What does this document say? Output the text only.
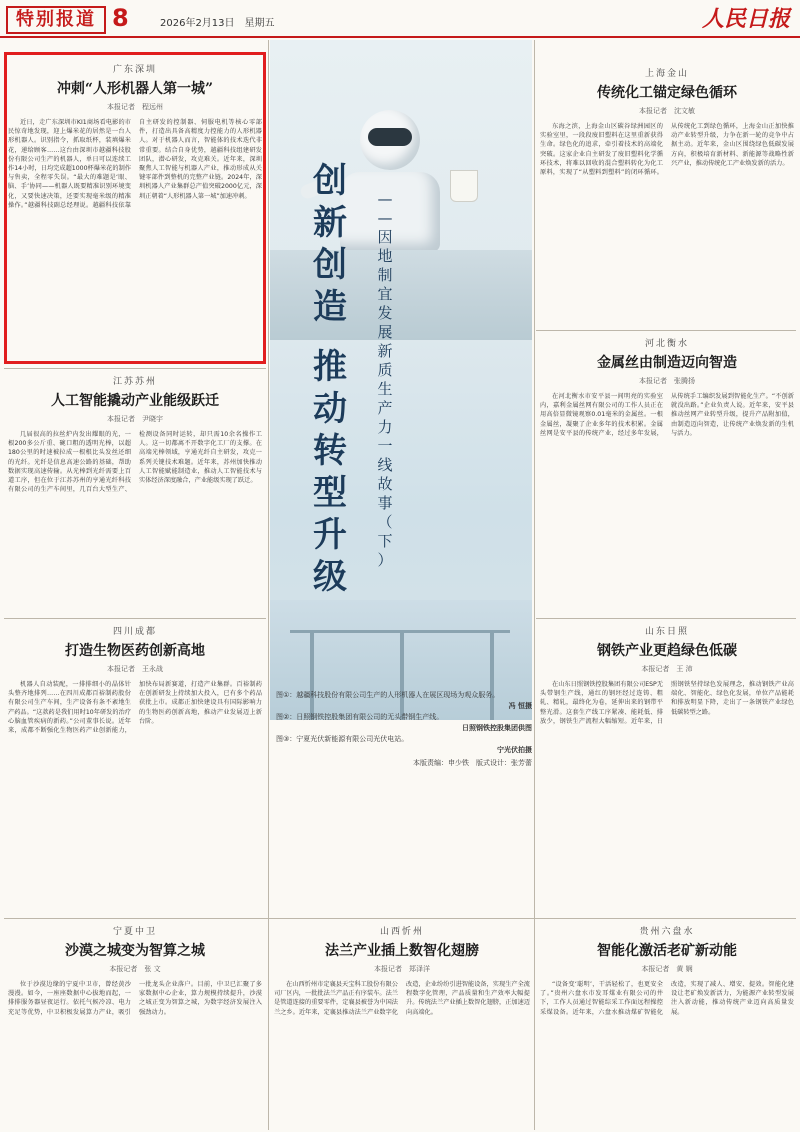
特别报道 8	2026年2月13日　星期五	人民日报
创
新
创
造
推
动
转
型
升
级
—
—
因
地
制
宜
发
展
新
质
生
产
力
一
线
故
事
（
下
）
图①：越疆科技股份有限公司生产的人形机器人在展区现场为观众服务。
冯 恒摄
图②：日照钢铁控股集团有限公司的无头带钢生产线。
日照钢铁控股集团供图
图③：宁夏光伏新能源有限公司光伏电站。
宁光伏拍摄
本版责编：申少铁　版式设计：张芳蕾
广东深圳
冲刺“人形机器人第一城”
本报记者　程远州
近日，走广东深圳市KI1商场看电影的市民惊奇地发现，迎上爆米花的居然是一台人形机器人。识别指令，抓取纸杯，装填爆米花，递给顾客……这台由深圳市越疆科技股份有限公司生产的机器人，单日可以连续工作14小时，日均完成超1000杯爆米花的制作与售卖，全程零失误。“最大的难题是‘眼、脑、手’协同——机器人既要精准识别环境变化，又要快速决策，还要实现毫米级的精准操作。”越疆科技副总经理说。越疆科技依靠自主研发的控制器、伺服电机等核心零部件，打造出具备高精度力控能力的人形机器人。对于机器人而言，智能体的技术迭代非常重要。结合自身优势，越疆科技组建研发团队，潜心研发，攻克难关。近年来，深圳聚焦人工智能与机器人产业，推动形成从关键零部件到整机的完整产业链。2024年，深圳机器人产业集群总产值突破2000亿元，深圳正朝着“人形机器人第一城”加速冲刺。
上海金山
传统化工锚定绿色循环
本报记者　沈文敏
东海之滨，上海金山区碳谷绿洲园区的实验室里，一段段废旧塑料在这里重新获得生命。绿色化的追求，牵引着技术的高端化突破。这家企业自主研发了废旧塑料化学循环技术，将难以回收的混合塑料转化为化工原料，实现了“从塑料到塑料”的闭环循环。从传统化工到绿色循环，上海金山正加快推动产业转型升级，力争在新一轮的竞争中占据主动。近年来，金山区围绕绿色低碳发展方向，积极培育新材料、新能源等战略性新兴产业，推动传统化工产业焕发新的活力。
江苏苏州
人工智能撬动产业能级跃迁
本报记者　尹晓宇
几届很高的拉丝炉内发出耀眼的光，一根200多公斤重、碗口粗的透明光棒，以超180公里的时速被拉成一根根比头发丝还细的光纤。光纤是信息高速公路的基础，帮助数据实现高速传输。从光棒到光纤需要上百道工序，但在位于江苏苏州的亨通光纤科技有限公司的生产车间里，几百台大型生产、检测设备同时运转，却只需10余名操作工人。这一切都离不开数字化工厂的支撑。在高端光棒领域，亨通光纤自主研发，攻克一系列关键技术难题。近年来，苏州加快推动人工智能赋能制造业，推动人工智能技术与实体经济深度融合，产业能级实现了跃迁。
河北衡水
金属丝由制造迈向智造
本报记者　张腾扬
在河北衡水市安平县一间明亮的实验室内，嘉利金属丝网有限公司的工作人员正在用高倍显微镜观察0.01毫米的金属丝。一根金属丝，凝聚了企业多年的技术积累。金属丝网是安平县的传统产业，经过多年发展，从传统手工编织发展到智能化生产。“不创新就没出路。”企业负责人说。近年来，安平县推动丝网产业转型升级，提升产品附加值，由制造迈向智造，让传统产业焕发新的生机与活力。
四川成都
打造生物医药创新高地
本报记者　王永战
机器人自动装配，一排排细小的晶体针头整齐地排列……在四川成都百裕制药股份有限公司生产车间，生产设备有条不紊地生产药品。“这款药是我们用时10年研发的治疗心脑血管疾病的新药。”公司董事长说。近年来，成都不断强化生物医药产业创新能力，加快布局新赛道，打造产业集群。百裕制药在创新研发上持续加大投入，已有多个药品获批上市。成都正加快建设具有国际影响力的生物医药创新高地，推动产业发展迈上新台阶。
山东日照
钢铁产业更趋绿色低碳
本报记者　王 沛
在山东日照钢铁控股集团有限公司ESP无头带钢生产线，通红的钢坯经过连铸、粗轧、精轧，最终化为卷，延伸出来的钢带平整光滑。这套生产线工序紧凑、能耗低、排放少，钢铁生产流程大幅缩短。近年来，日照钢铁坚持绿色发展理念，推动钢铁产业高端化、智能化、绿色化发展，单位产品能耗和排放明显下降，走出了一条钢铁产业绿色低碳转型之路。
宁夏中卫
沙漠之城变为智算之城
本报记者　张 文
位于沙漠边缘的宁夏中卫市，曾经黄沙漫漫。如今，一座座数据中心拔地而起，一排排服务器昼夜运行。依托气候冷凉、电力充足等优势，中卫积极发展算力产业，吸引一批龙头企业落户。目前，中卫已汇聚了多家数据中心企业，算力规模持续提升，沙漠之城正变为智算之城，为数字经济发展注入强劲动力。
山西忻州
法兰产业插上数智化翅膀
本报记者　郑泽洋
在山西忻州市定襄县天宝科工股份有限公司厂区内，一批批法兰产品正有序装车。法兰是管道连接的重要零件，定襄县被誉为中国法兰之乡。近年来，定襄县推动法兰产业数字化改造，企业纷纷引进智能设备，实现生产全流程数字化管理，产品质量和生产效率大幅提升。传统法兰产业插上数智化翅膀，正加速迈向高端化。
贵州六盘水
智能化激活老矿新动能
本报记者　黄 娴
“设备变‘聪明’，干活轻松了，也更安全了。”贵州六盘水市发耳煤业有限公司的井下，工作人员通过智能综采工作面远程操控采煤设备。近年来，六盘水推动煤矿智能化改造，实现了减人、增安、提效。智能化建设让老矿焕发新活力，为能源产业转型发展注入新动能，推动传统产业迈向高质量发展。
